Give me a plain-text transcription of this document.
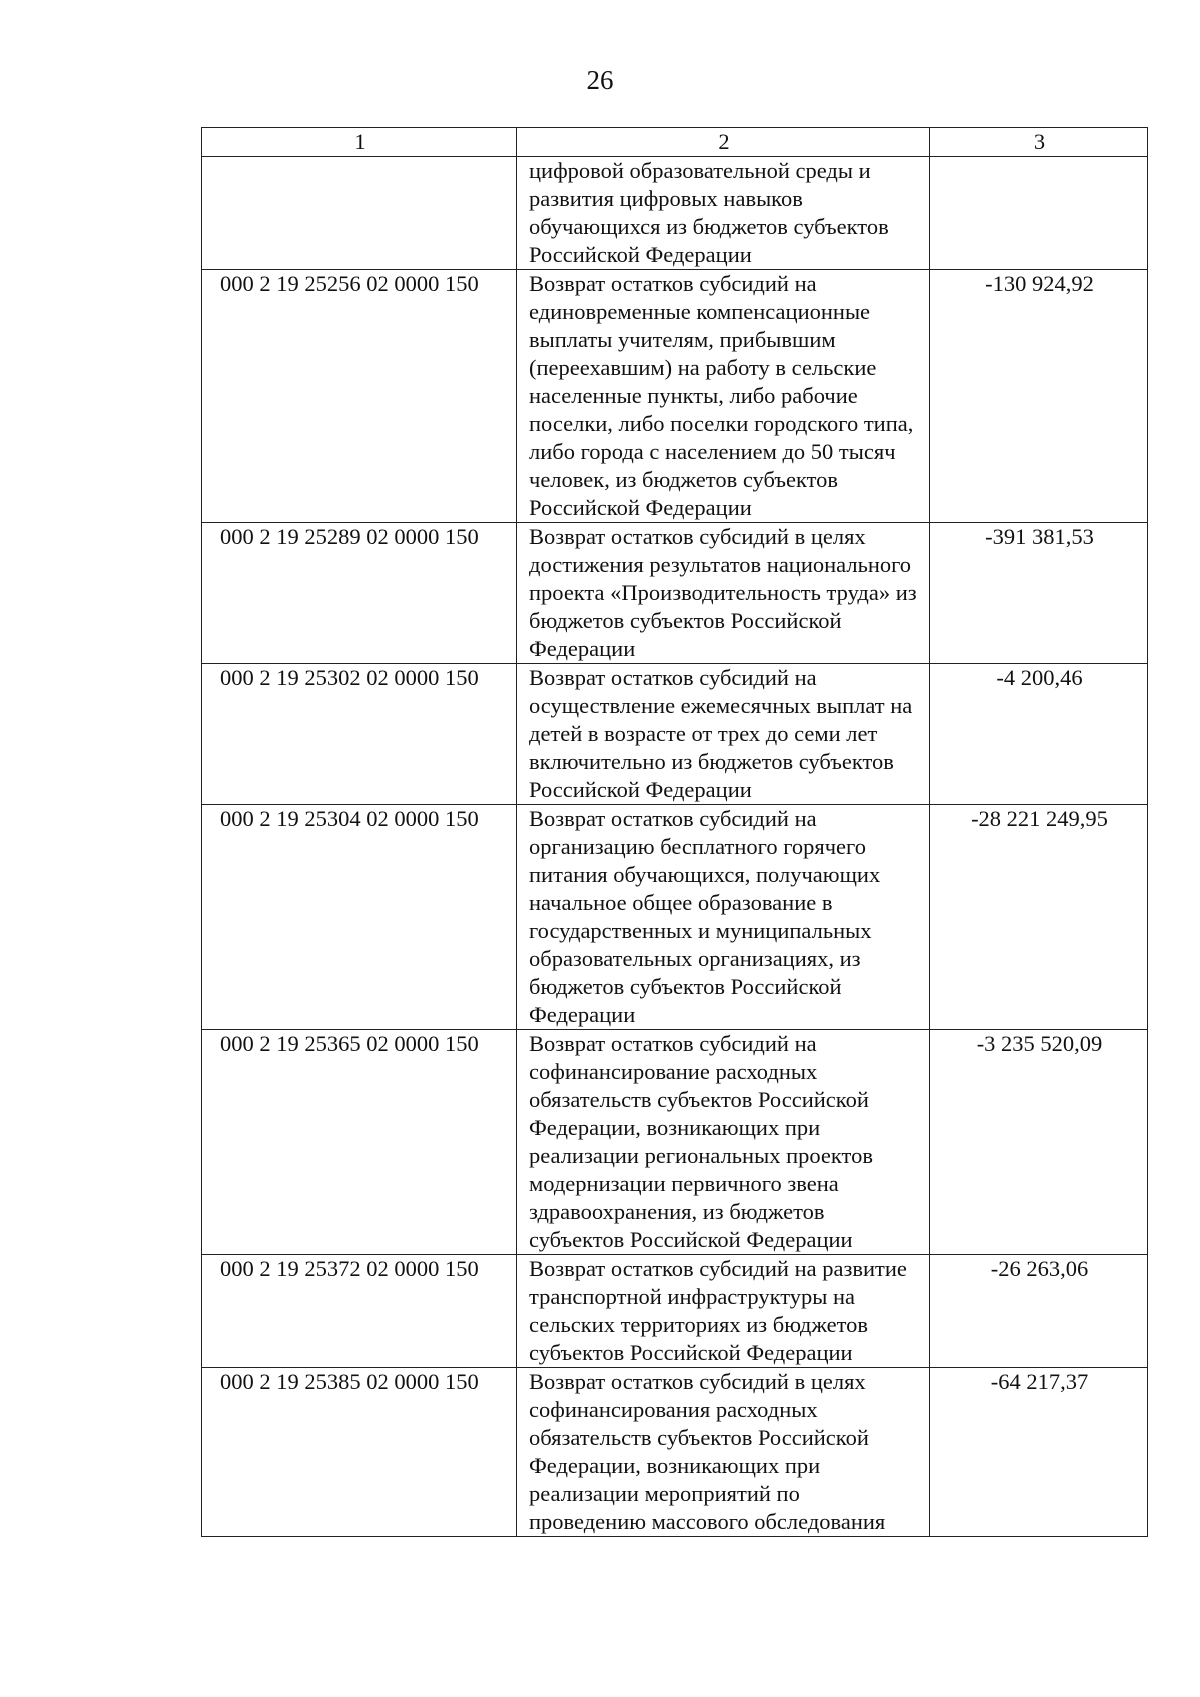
26
1	2	3
	цифровой образовательной среды и развития цифровых навыков обучающихся из бюджетов субъектов Российской Федерации	
000 2 19 25256 02 0000 150	Возврат остатков субсидий на единовременные компенсационные выплаты учителям, прибывшим (переехавшим) на работу в сельские населенные пункты, либо рабочие поселки, либо поселки городского типа, либо города с населением до 50 тысяч человек, из бюджетов субъектов Российской Федерации	-130 924,92
000 2 19 25289 02 0000 150	Возврат остатков субсидий в целях достижения результатов национального проекта «Производительность труда» из бюджетов субъектов Российской Федерации	-391 381,53
000 2 19 25302 02 0000 150	Возврат остатков субсидий на осуществление ежемесячных выплат на детей в возрасте от трех до семи лет включительно из бюджетов субъектов Российской Федерации	-4 200,46
000 2 19 25304 02 0000 150	Возврат остатков субсидий на организацию бесплатного горячего питания обучающихся, получающих начальное общее образование в государственных и муниципальных образовательных организациях, из бюджетов субъектов Российской Федерации	-28 221 249,95
000 2 19 25365 02 0000 150	Возврат остатков субсидий на софинансирование расходных обязательств субъектов Российской Федерации, возникающих при реализации региональных проектов модернизации первичного звена здравоохранения, из бюджетов субъектов Российской Федерации	-3 235 520,09
000 2 19 25372 02 0000 150	Возврат остатков субсидий на развитие транспортной инфраструктуры на сельских территориях из бюджетов субъектов Российской Федерации	-26 263,06
000 2 19 25385 02 0000 150	Возврат остатков субсидий в целях софинансирования расходных обязательств субъектов Российской Федерации, возникающих при реализации мероприятий по проведению массового обследования	-64 217,37
